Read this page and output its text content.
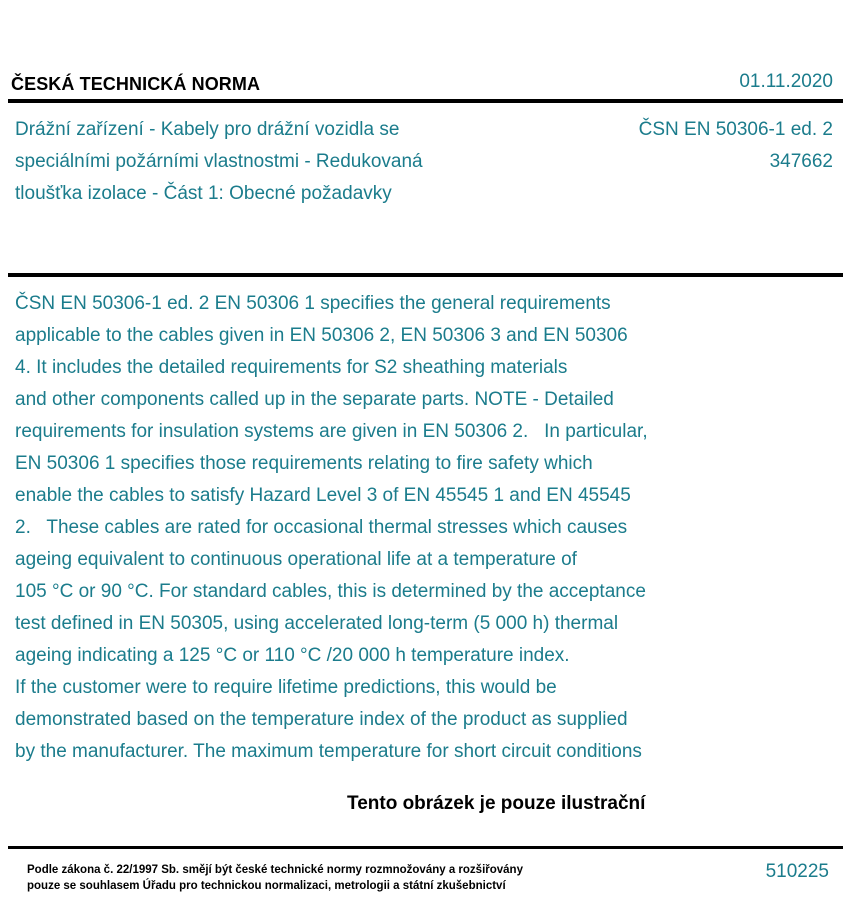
ČESKÁ TECHNICKÁ NORMA	01.11.2020
Drážní zařízení - Kabely pro drážní vozidla se
speciálními požárními vlastnostmi - Redukovaná
tloušťka izolace - Část 1: Obecné požadavky
ČSN EN 50306-1 ed. 2
347662
ČSN EN 50306-1 ed. 2 EN 50306 1 specifies the general requirements
applicable to the cables given in EN 50306 2, EN 50306 3 and EN 50306
4. It includes the detailed requirements for S2 sheathing materials
and other components called up in the separate parts. NOTE - Detailed
requirements for insulation systems are given in EN 50306 2.   In particular,
EN 50306 1 specifies those requirements relating to fire safety which
enable the cables to satisfy Hazard Level 3 of EN 45545 1 and EN 45545
2.   These cables are rated for occasional thermal stresses which causes
ageing equivalent to continuous operational life at a temperature of
105 °C or 90 °C. For standard cables, this is determined by the acceptance
test defined in EN 50305, using accelerated long-term (5 000 h) thermal
ageing indicating a 125 °C or 110 °C /20 000 h temperature index.
If the customer were to require lifetime predictions, this would be
demonstrated based on the temperature index of the product as supplied
by the manufacturer. The maximum temperature for short circuit conditions
Tento obrázek je pouze ilustrační
Podle zákona č. 22/1997 Sb. smějí být české technické normy rozmnožovány a rozšiřovány
pouze se souhlasem Úřadu pro technickou normalizaci, metrologii a státní zkušebnictví
510225
